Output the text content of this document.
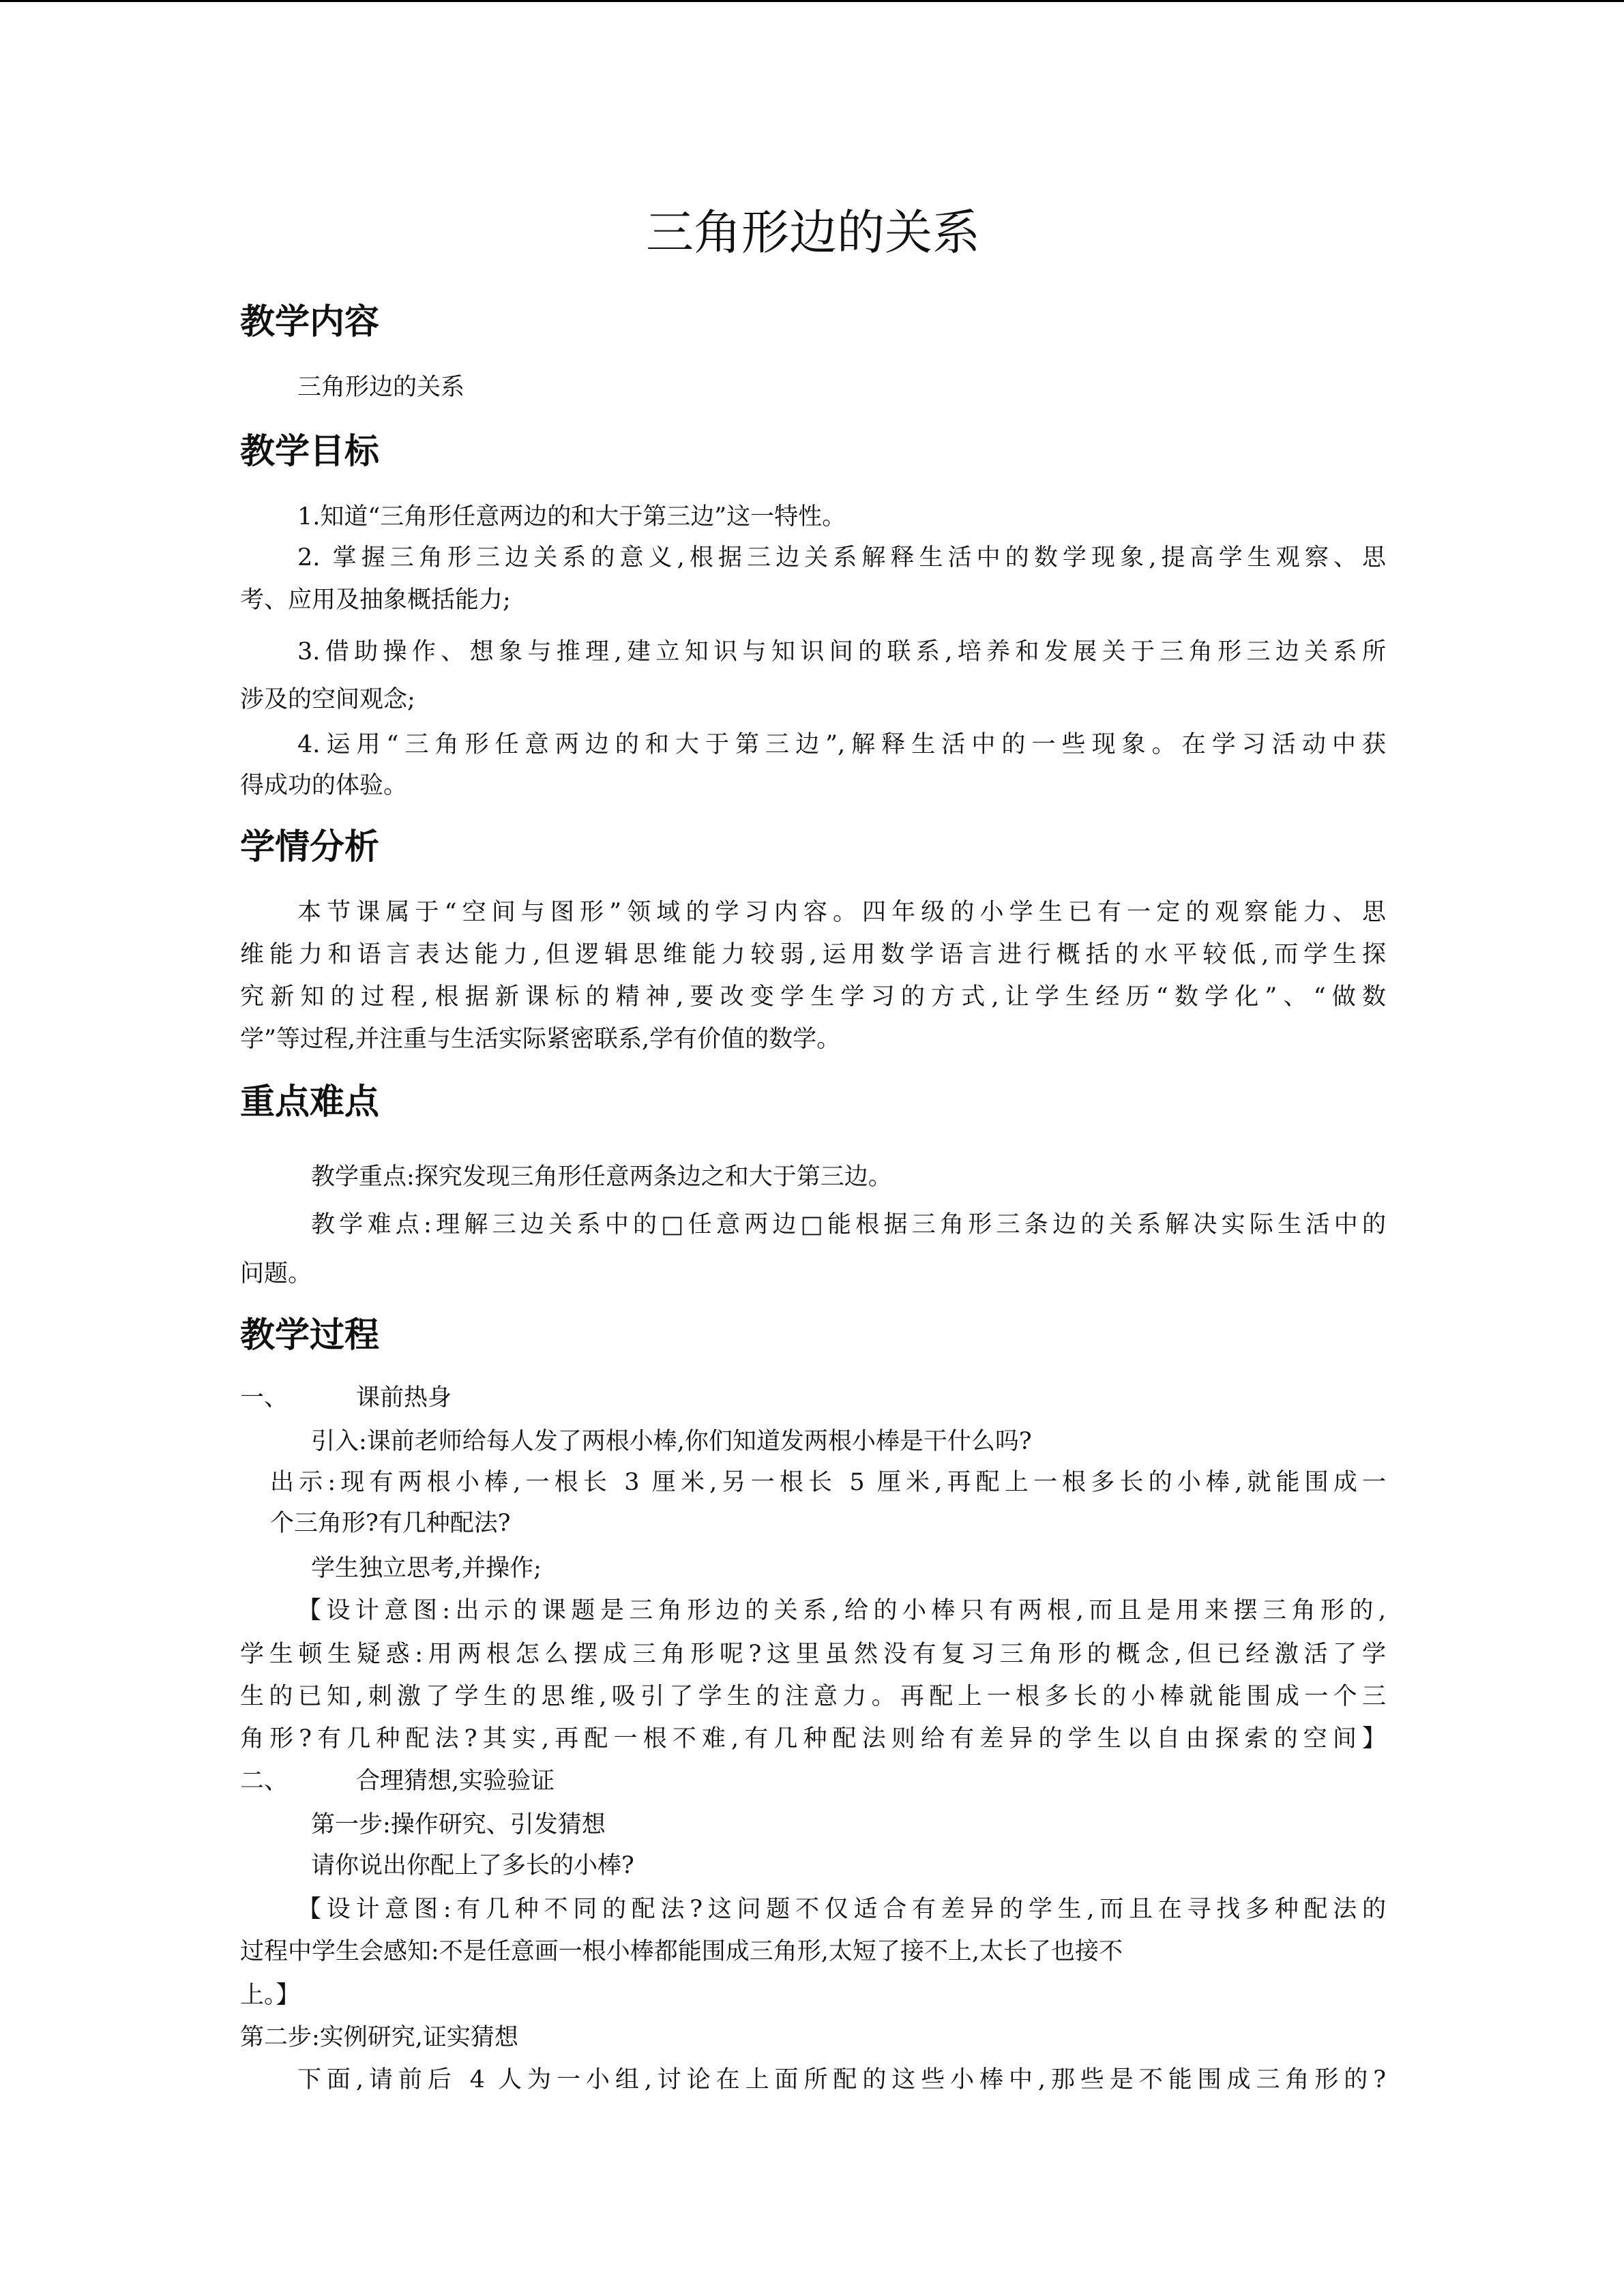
三角形边的关系
教学内容
三角形边的关系
教学目标
1.知道“三角形任意两边的和大于第三边”这一特性。
2. 掌握三角形三边关系的意义,根据三边关系解释生活中的数学现象,提高学生观察、思
考、应用及抽象概括能力;
3.借助操作、想象与推理,建立知识与知识间的联系,培养和发展关于三角形三边关系所
涉及的空间观念;
4.运用“三角形任意两边的和大于第三边”,解释生活中的一些现象。在学习活动中获
得成功的体验。
学情分析
本节课属于“空间与图形”领域的学习内容。四年级的小学生已有一定的观察能力、思
维能力和语言表达能力,但逻辑思维能力较弱,运用数学语言进行概括的水平较低,而学生探
究新知的过程,根据新课标的精神,要改变学生学习的方式,让学生经历“数学化”、“做数
学”等过程,并注重与生活实际紧密联系,学有价值的数学。
重点难点
教学重点:探究发现三角形任意两条边之和大于第三边。
教学难点:理解三边关系中的□任意两边□能根据三角形三条边的关系解决实际生活中的
问题。
教学过程
一、	课前热身
引入:课前老师给每人发了两根小棒,你们知道发两根小棒是干什么吗?
出示:现有两根小棒,一根长 3 厘米,另一根长 5 厘米,再配上一根多长的小棒,就能围成一
个三角形?有几种配法?
学生独立思考,并操作;
【设计意图:出示的课题是三角形边的关系,给的小棒只有两根,而且是用来摆三角形的,
学生顿生疑惑:用两根怎么摆成三角形呢?这里虽然没有复习三角形的概念,但已经激活了学
生的已知,刺激了学生的思维,吸引了学生的注意力。再配上一根多长的小棒就能围成一个三
角形?有几种配法?其实,再配一根不难,有几种配法则给有差异的学生以自由探索的空间】
二、	合理猜想,实验验证
第一步:操作研究、引发猜想
请你说出你配上了多长的小棒?
【设计意图:有几种不同的配法?这问题不仅适合有差异的学生,而且在寻找多种配法的
过程中学生会感知:不是任意画一根小棒都能围成三角形,太短了接不上,太长了也接不
上。】
第二步:实例研究,证实猜想
下面,请前后 4 人为一小组,讨论在上面所配的这些小棒中,那些是不能围成三角形的?
